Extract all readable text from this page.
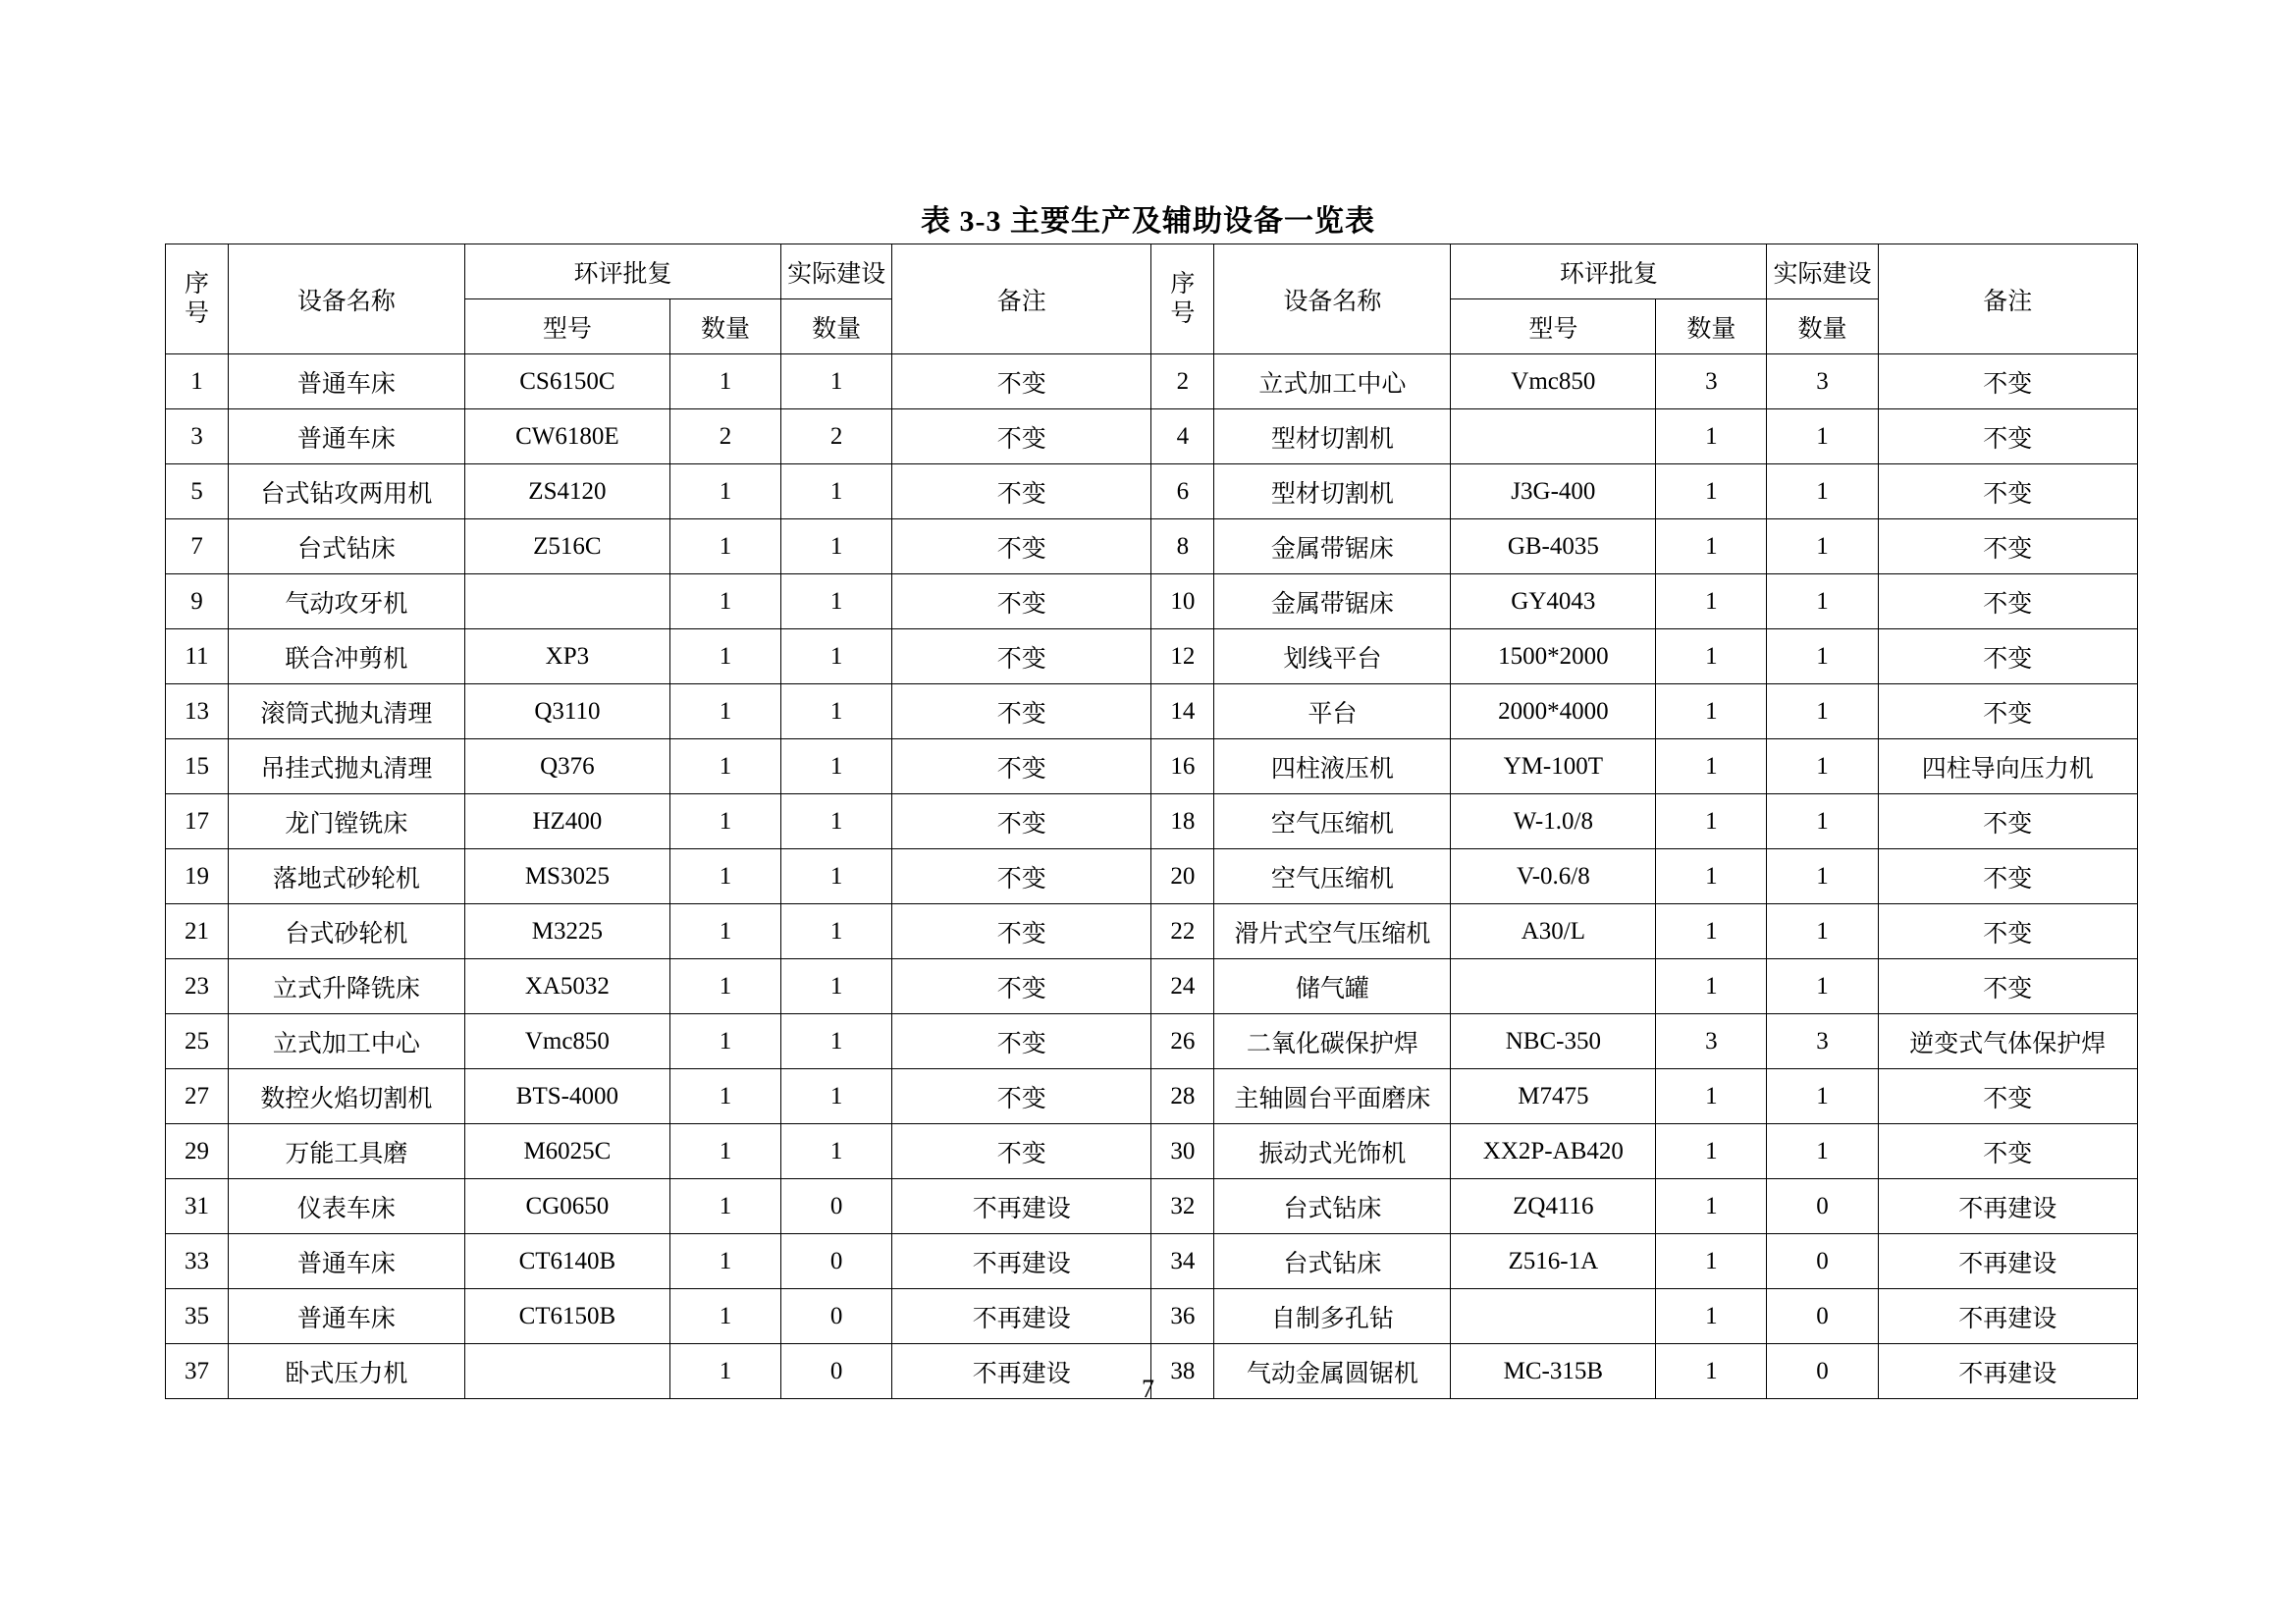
表 3-3 主要生产及辅助设备一览表
序
号	设备名称	环评批复	实际建设	备注	
序
号	设备名称	环评批复	实际建设	备注
		型号	数量	数量				型号	数量	数量	
1	普通车床	CS6150C	1	1	不变	2	立式加工中心	Vmc850	3	3	不变
3	普通车床	CW6180E	2	2	不变	4	型材切割机		1	1	不变
5	台式钻攻两用机	ZS4120	1	1	不变	6	型材切割机	J3G-400	1	1	不变
7	台式钻床	Z516C	1	1	不变	8	金属带锯床	GB-4035	1	1	不变
9	气动攻牙机		1	1	不变	10	金属带锯床	GY4043	1	1	不变
11	联合冲剪机	XP3	1	1	不变	12	划线平台	1500*2000	1	1	不变
13	滚筒式抛丸清理	Q3110	1	1	不变	14	平台	2000*4000	1	1	不变
15	吊挂式抛丸清理	Q376	1	1	不变	16	四柱液压机	YM-100T	1	1	四柱导向压力机
17	龙门镗铣床	HZ400	1	1	不变	18	空气压缩机	W-1.0/8	1	1	不变
19	落地式砂轮机	MS3025	1	1	不变	20	空气压缩机	V-0.6/8	1	1	不变
21	台式砂轮机	M3225	1	1	不变	22	滑片式空气压缩机	A30/L	1	1	不变
23	立式升降铣床	XA5032	1	1	不变	24	储气罐		1	1	不变
25	立式加工中心	Vmc850	1	1	不变	26	二氧化碳保护焊	NBC-350	3	3	逆变式气体保护焊
27	数控火焰切割机	BTS-4000	1	1	不变	28	主轴圆台平面磨床	M7475	1	1	不变
29	万能工具磨	M6025C	1	1	不变	30	振动式光饰机	XX2P-AB420	1	1	不变
31	仪表车床	CG0650	1	0	不再建设	32	台式钻床	ZQ4116	1	0	不再建设
33	普通车床	CT6140B	1	0	不再建设	34	台式钻床	Z516-1A	1	0	不再建设
35	普通车床	CT6150B	1	0	不再建设	36	自制多孔钻		1	0	不再建设
37	卧式压力机		1	0	不再建设	38	气动金属圆锯机	MC-315B	1	0	不再建设
7
